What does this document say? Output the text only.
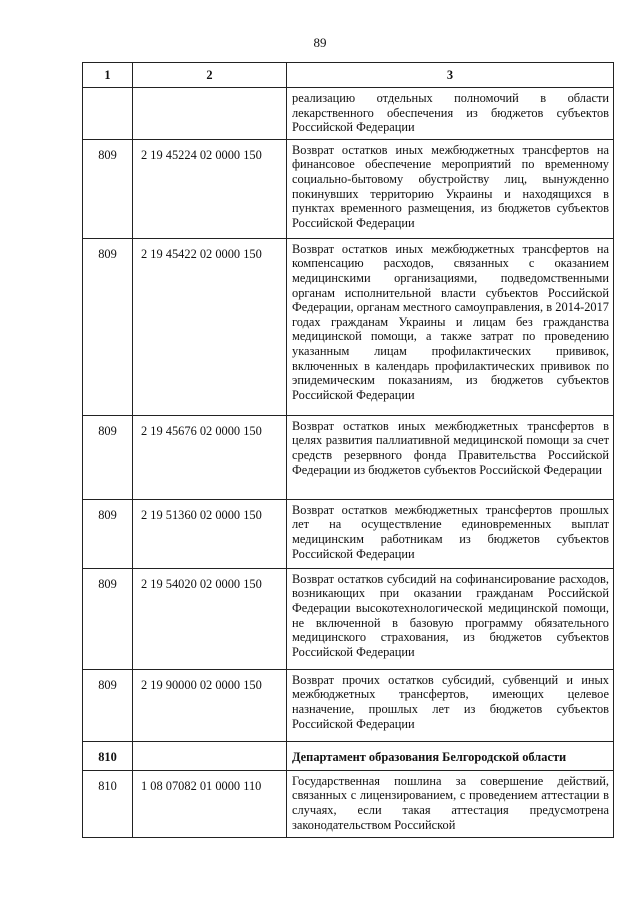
89
1	2	3
		реализацию отдельных полномочий в области лекарственного обеспечения из бюджетов субъектов Российской Федерации
809	2 19 45224 02 0000 150	Возврат остатков иных межбюджетных трансфертов на финансовое обеспечение мероприятий по временному социально-бытовому обустройству лиц, вынужденно покинувших территорию Украины и находящихся в пунктах временного размещения, из бюджетов субъектов Российской Федерации
809	2 19 45422 02 0000 150	Возврат остатков иных межбюджетных трансфертов на компенсацию расходов, связанных с оказанием медицинскими организациями, подведомственными органам исполнительной власти субъектов Российской Федерации, органам местного самоуправления, в 2014-2017 годах гражданам Украины и лицам без гражданства медицинской помощи, а также затрат по проведению указанным лицам профилактических прививок, включенных в календарь профилактических прививок по эпидемическим показаниям, из бюджетов субъектов Российской Федерации
809	2 19 45676 02 0000 150	Возврат остатков иных межбюджетных трансфертов в целях развития паллиативной медицинской помощи за счет средств резервного фонда Правительства Российской Федерации из бюджетов субъектов Российской Федерации
809	2 19 51360 02 0000 150	Возврат остатков межбюджетных трансфертов прошлых лет на осуществление единовременных выплат медицинским работникам из бюджетов субъектов Российской Федерации
809	2 19 54020 02 0000 150	Возврат остатков субсидий на софинансирование расходов, возникающих при оказании гражданам Российской Федерации высокотехнологической медицинской помощи, не включенной в базовую программу обязательного медицинского страхования, из бюджетов субъектов Российской Федерации
809	2 19 90000 02 0000 150	Возврат прочих остатков субсидий, субвенций и иных межбюджетных трансфертов, имеющих целевое назначение, прошлых лет из бюджетов субъектов Российской Федерации
810		Департамент образования Белгородской области
810	1 08 07082 01 0000 110	Государственная пошлина за совершение действий, связанных с лицензированием, с проведением аттестации в случаях, если такая аттестация предусмотрена законодательством Российской
